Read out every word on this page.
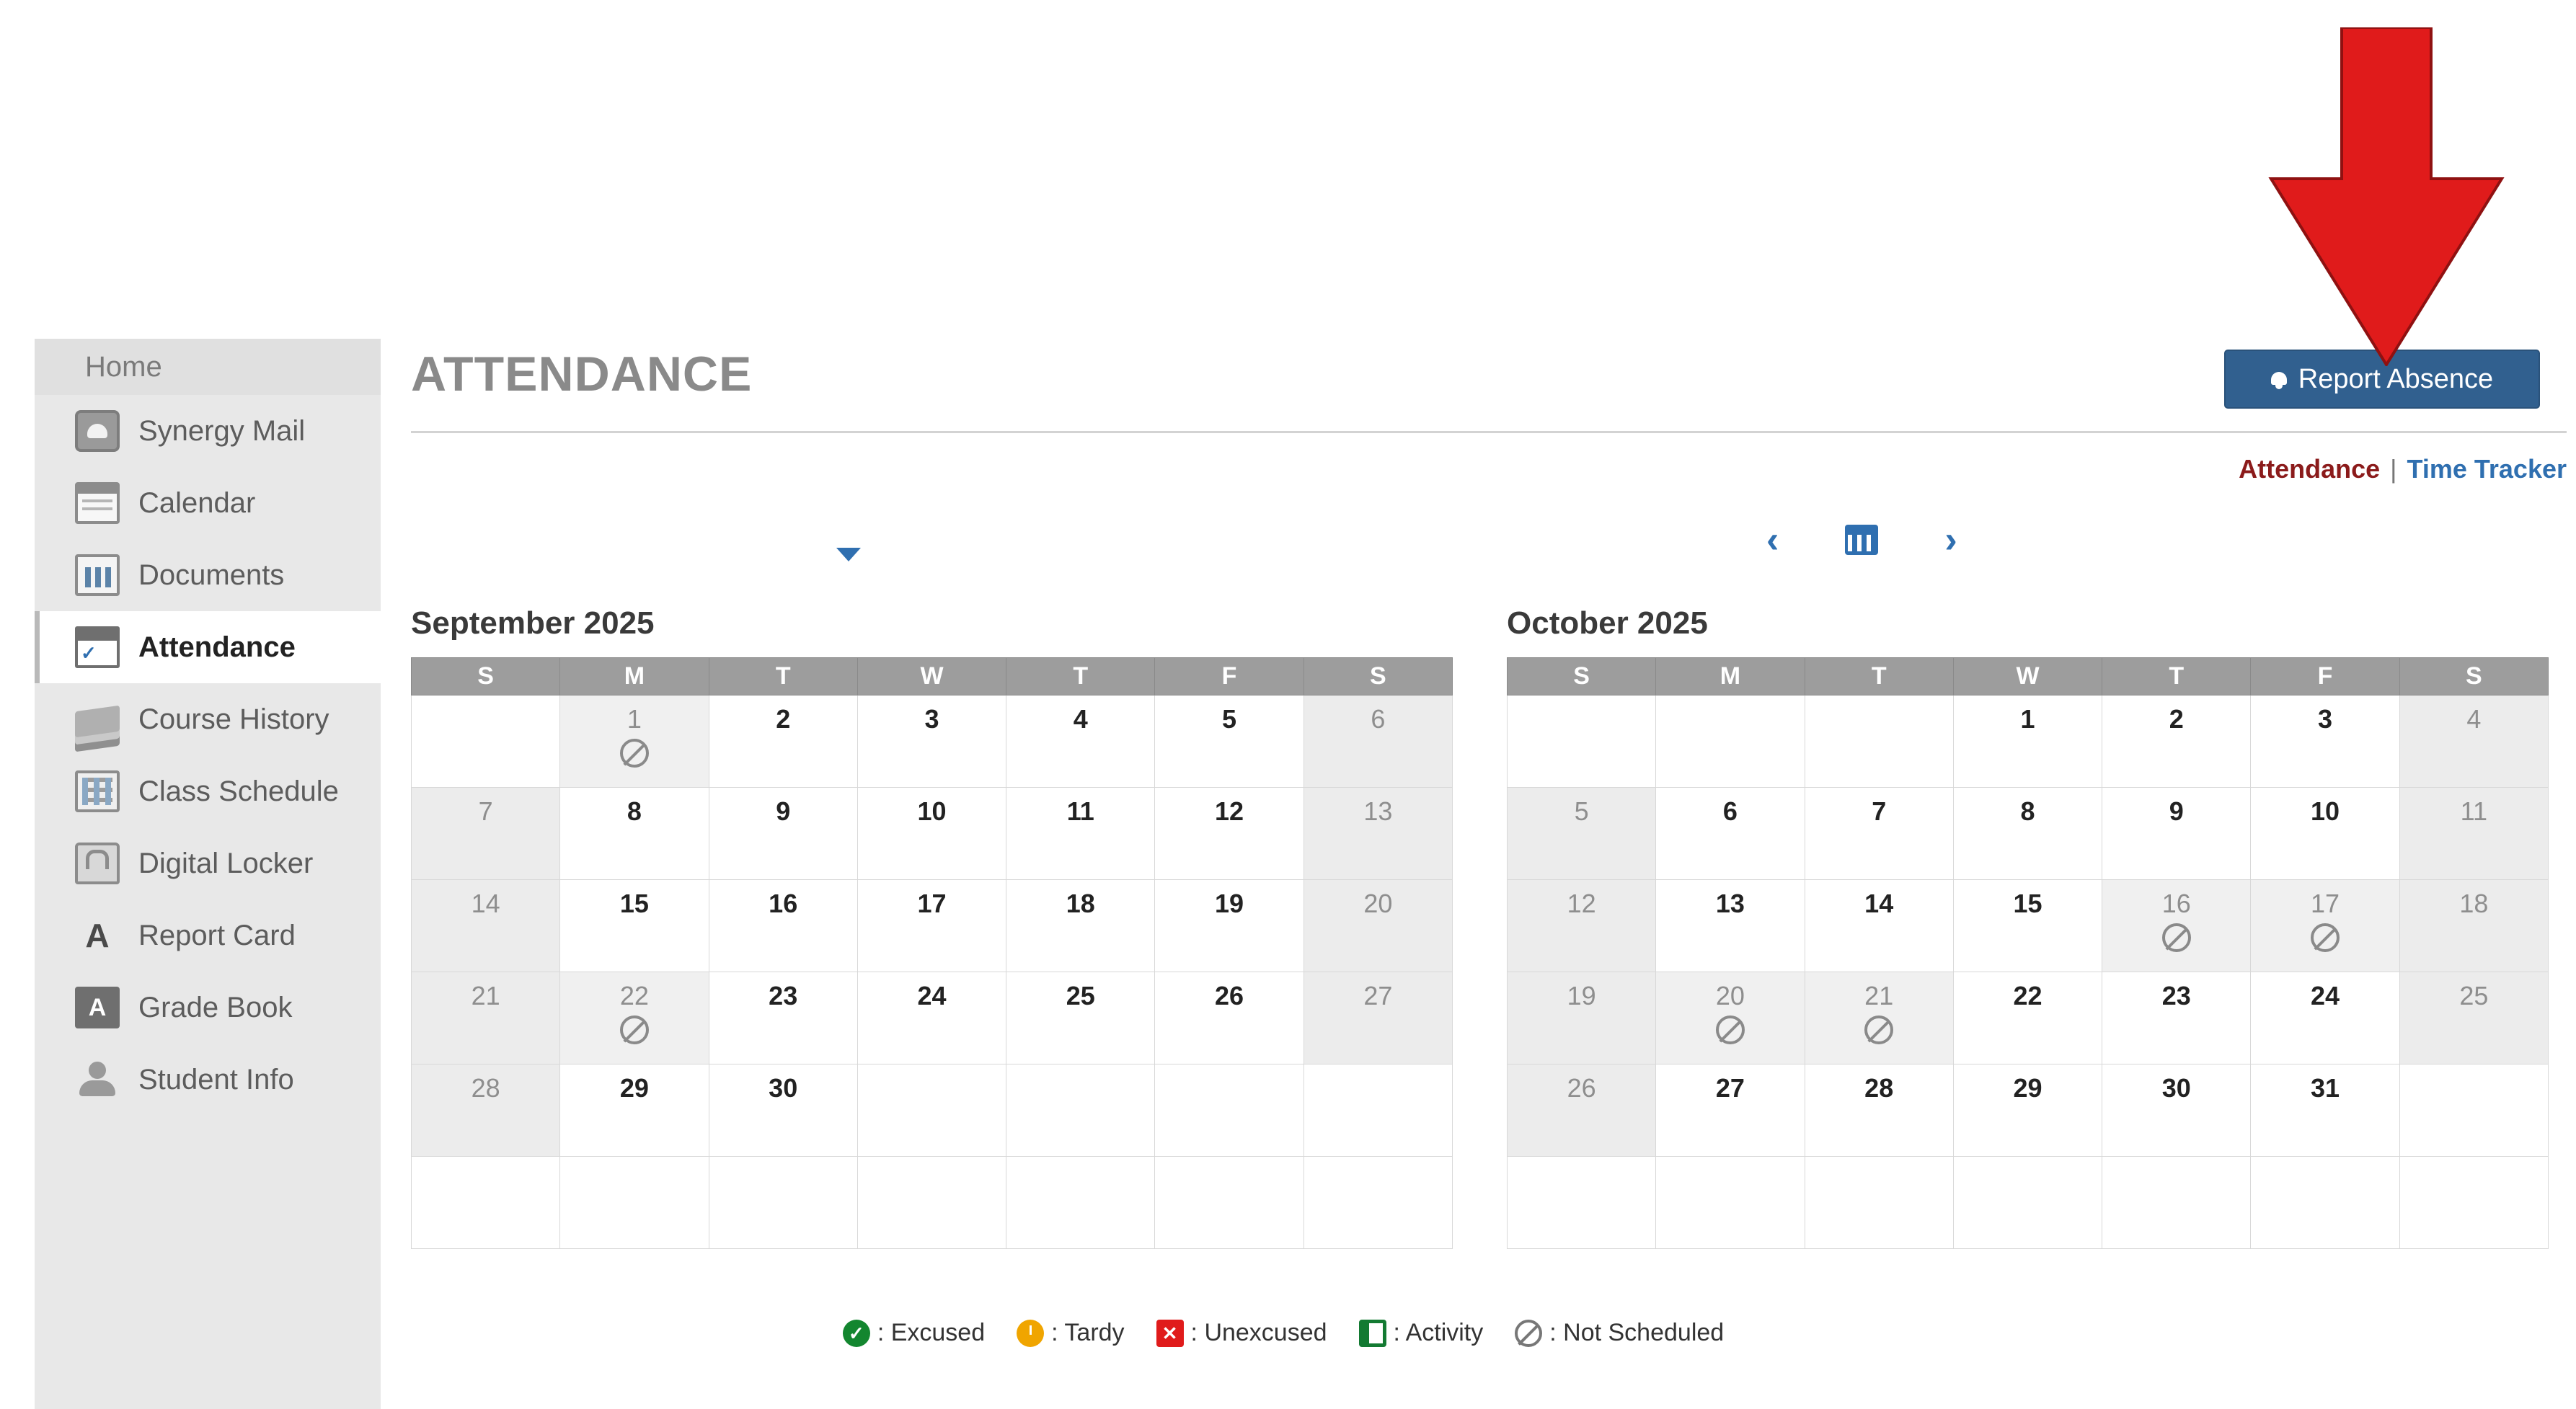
Home
Synergy Mail
Calendar
Documents
Attendance
Course History
Class Schedule
Digital Locker
A	Report Card
A	Grade Book
Student Info
ATTENDANCE	Report Absence
Attendance | Time Tracker
‹	›
September 2025
S	M	T	W	T	F	S

	1	2	3	4	5	6

7	8	9	10	11	12	13

14	15	16	17	18	19	20

21	22	23	24	25	26	27

28	29	30				

October 2025
S	M	T	W	T	F	S

			1	2	3	4

5	6	7	8	9	10	11

12	13	14	15	16	17	18

19	20	21	22	23	24	25

26	27	28	29	30	31	

✓ : Excused	: Tardy	✕ : Unexcused	: Activity	: Not Scheduled
